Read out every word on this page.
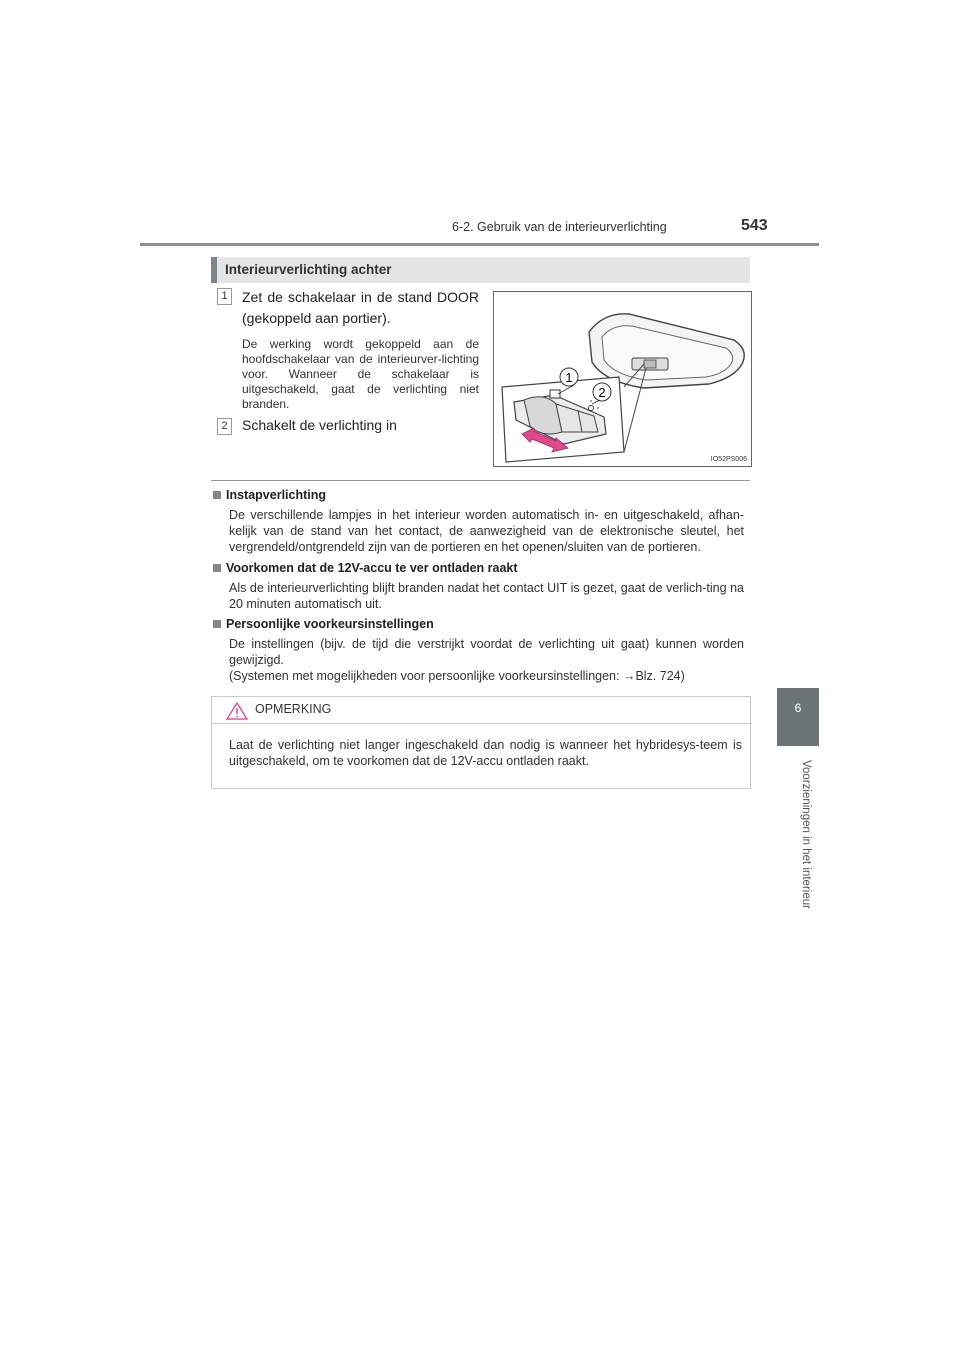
6-2. Gebruik van de interieurverlichting	543
6
Voorzieningen in het interieur
Interieurverlichting achter
1	Zet de schakelaar in de stand DOOR (gekoppeld aan portier).
De werking wordt gekoppeld aan de hoofdschakelaar van de interieurver-lichting voor. Wanneer de schakelaar is uitgeschakeld, gaat de verlichting niet branden.
2	Schakelt de verlichting in
1
2
IO52PS006
Instapverlichting
De verschillende lampjes in het interieur worden automatisch in- en uitgeschakeld, afhan-kelijk van de stand van het contact, de aanwezigheid van de elektronische sleutel, het vergrendeld/ontgrendeld zijn van de portieren en het openen/sluiten van de portieren.
Voorkomen dat de 12V-accu te ver ontladen raakt
Als de interieurverlichting blijft branden nadat het contact UIT is gezet, gaat de verlich-ting na 20 minuten automatisch uit.
Persoonlijke voorkeursinstellingen
De instellingen (bijv. de tijd die verstrijkt voordat de verlichting uit gaat) kunnen worden gewijzigd.
(Systemen met mogelijkheden voor persoonlijke voorkeursinstellingen: →Blz. 724)
OPMERKING
Laat de verlichting niet langer ingeschakeld dan nodig is wanneer het hybridesys-teem is uitgeschakeld, om te voorkomen dat de 12V-accu ontladen raakt.
